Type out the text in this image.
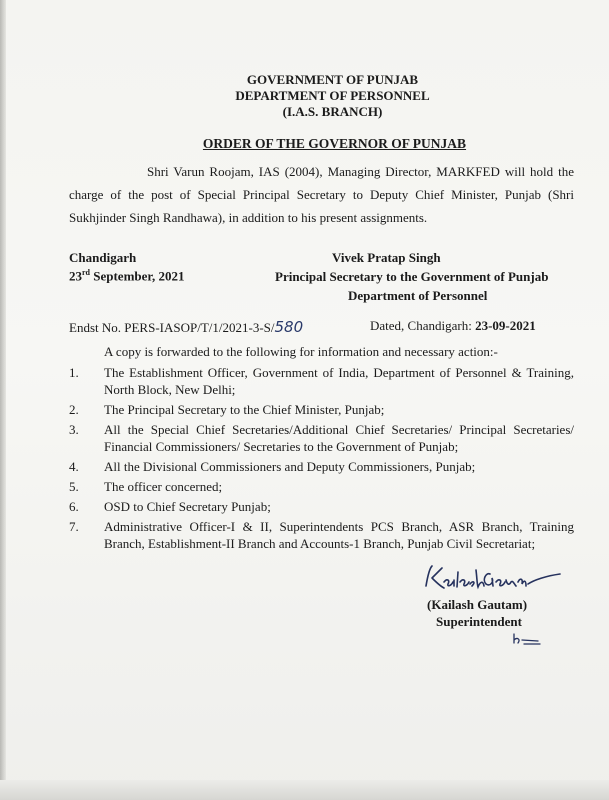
GOVERNMENT OF PUNJAB
DEPARTMENT OF PERSONNEL
(I.A.S. BRANCH)
ORDER OF THE GOVERNOR OF PUNJAB
Shri Varun Roojam, IAS (2004), Managing Director, MARKFED will hold the charge of the post of Special Principal Secretary to Deputy Chief Minister, Punjab (Shri Sukhjinder Singh Randhawa), in addition to his present assignments.
Chandigarh
23rd September, 2021
Vivek Pratap Singh
Principal Secretary to the Government of Punjab
Department of Personnel
Endst No. PERS-IASOP/T/1/2021-3-S/580	Dated, Chandigarh: 23-09-2021
A copy is forwarded to the following for information and necessary action:-
1.	The Establishment Officer, Government of India, Department of Personnel & Training, North Block, New Delhi;
2.	The Principal Secretary to the Chief Minister, Punjab;
3.	All the Special Chief Secretaries/Additional Chief Secretaries/ Principal Secretaries/ Financial Commissioners/ Secretaries to the Government of Punjab;
4.	All the Divisional Commissioners and Deputy Commissioners, Punjab;
5.	The officer concerned;
6.	OSD to Chief Secretary Punjab;
7.	Administrative Officer-I & II, Superintendents PCS Branch, ASR Branch, Training Branch, Establishment-II Branch and Accounts-1 Branch, Punjab Civil Secretariat;
(Kailash Gautam)
Superintendent
